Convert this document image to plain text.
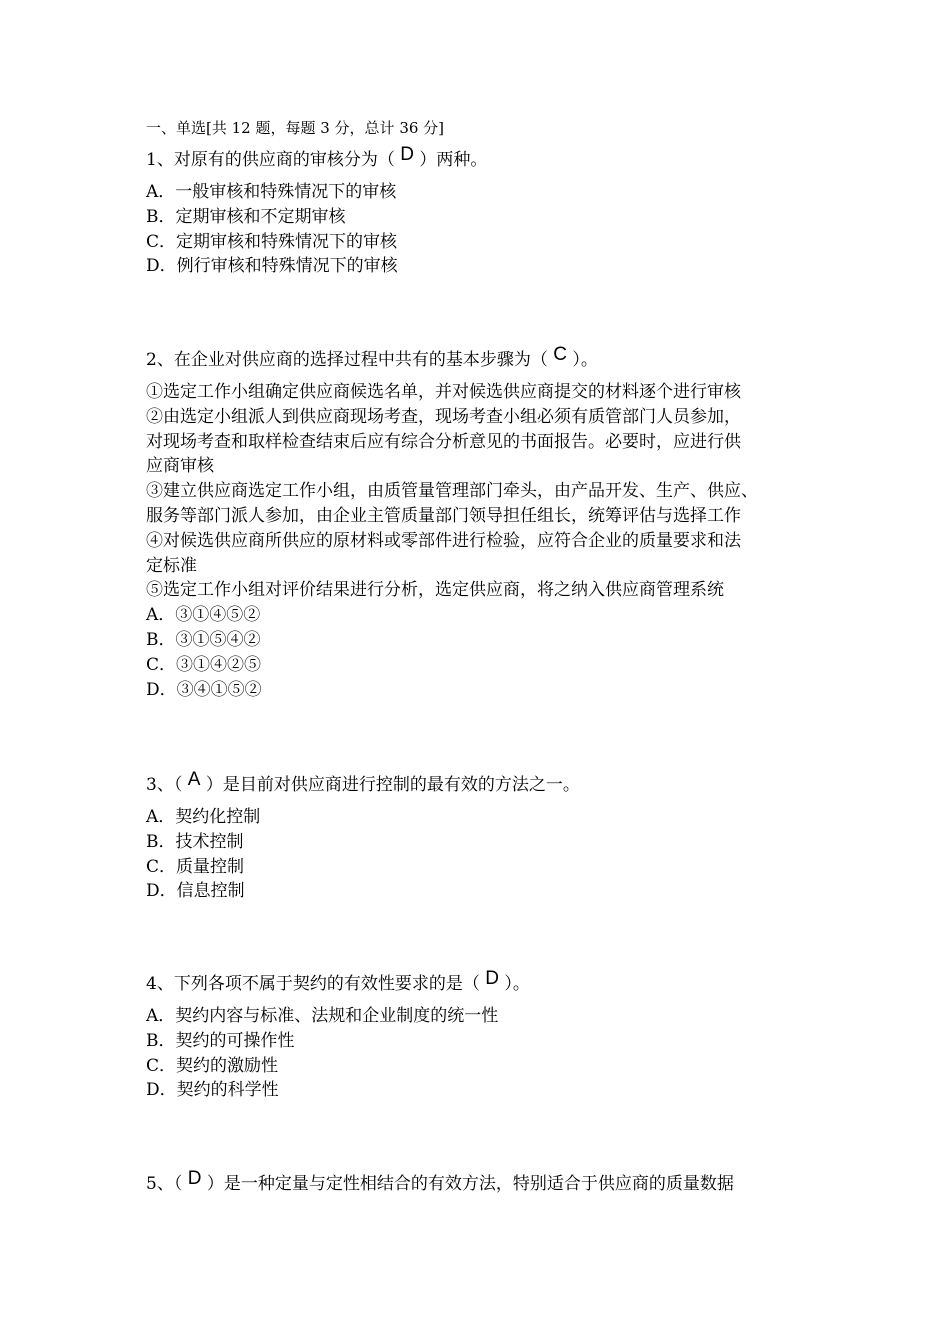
一、单选[共 12 题，每题 3 分，总计 36 分]

1、对原有的供应商的审核分为（ D ）两种。

A．一般审核和特殊情况下的审核

B．定期审核和不定期审核

C．定期审核和特殊情况下的审核

D．例行审核和特殊情况下的审核

2、在企业对供应商的选择过程中共有的基本步骤为（ C ）。

①选定工作小组确定供应商候选名单，并对候选供应商提交的材料逐个进行审核

②由选定小组派人到供应商现场考查，现场考查小组必须有质管部门人员参加，

对现场考查和取样检查结束后应有综合分析意见的书面报告。必要时，应进行供

应商审核

③建立供应商选定工作小组，由质管量管理部门牵头，由产品开发、生产、供应、

服务等部门派人参加，由企业主管质量部门领导担任组长，统筹评估与选择工作

④对候选供应商所供应的原材料或零部件进行检验，应符合企业的质量要求和法

定标准

⑤选定工作小组对评价结果进行分析，选定供应商，将之纳入供应商管理系统

A．③①④⑤②

B．③①⑤④②

C．③①④②⑤

D．③④①⑤②

3、（ A ）是目前对供应商进行控制的最有效的方法之一。

A．契约化控制

B．技术控制

C．质量控制

D．信息控制

4、下列各项不属于契约的有效性要求的是（ D ）。

A．契约内容与标准、法规和企业制度的统一性

B．契约的可操作性

C．契约的激励性

D．契约的科学性

5、（ D ）是一种定量与定性相结合的有效方法，特别适合于供应商的质量数据
